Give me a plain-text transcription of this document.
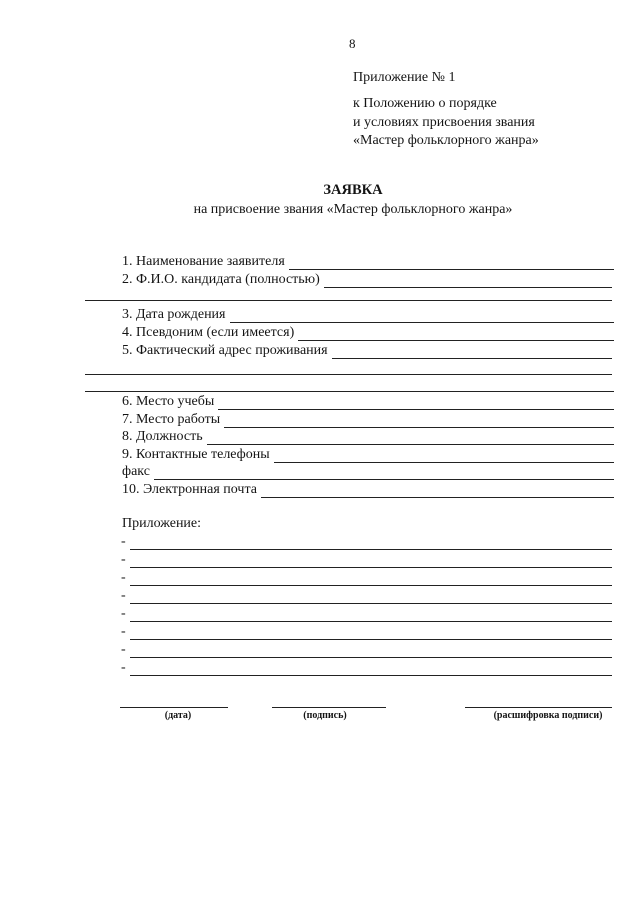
8
Приложение № 1
к Положению о порядке
и условиях присвоения звания
«Мастер фольклорного жанра»
ЗАЯВКА
на присвоение звания «Мастер фольклорного жанра»
1. Наименование заявителя
2. Ф.И.О. кандидата (полностью)
3. Дата рождения
4. Псевдоним (если имеется)
5. Фактический адрес проживания
6. Место учебы
7. Место работы
8. Должность
9. Контактные телефоны
факс
10. Электронная почта
Приложение:
-
-
-
-
-
-
-
-
(дата)	(подпись)	(расшифровка подписи)
